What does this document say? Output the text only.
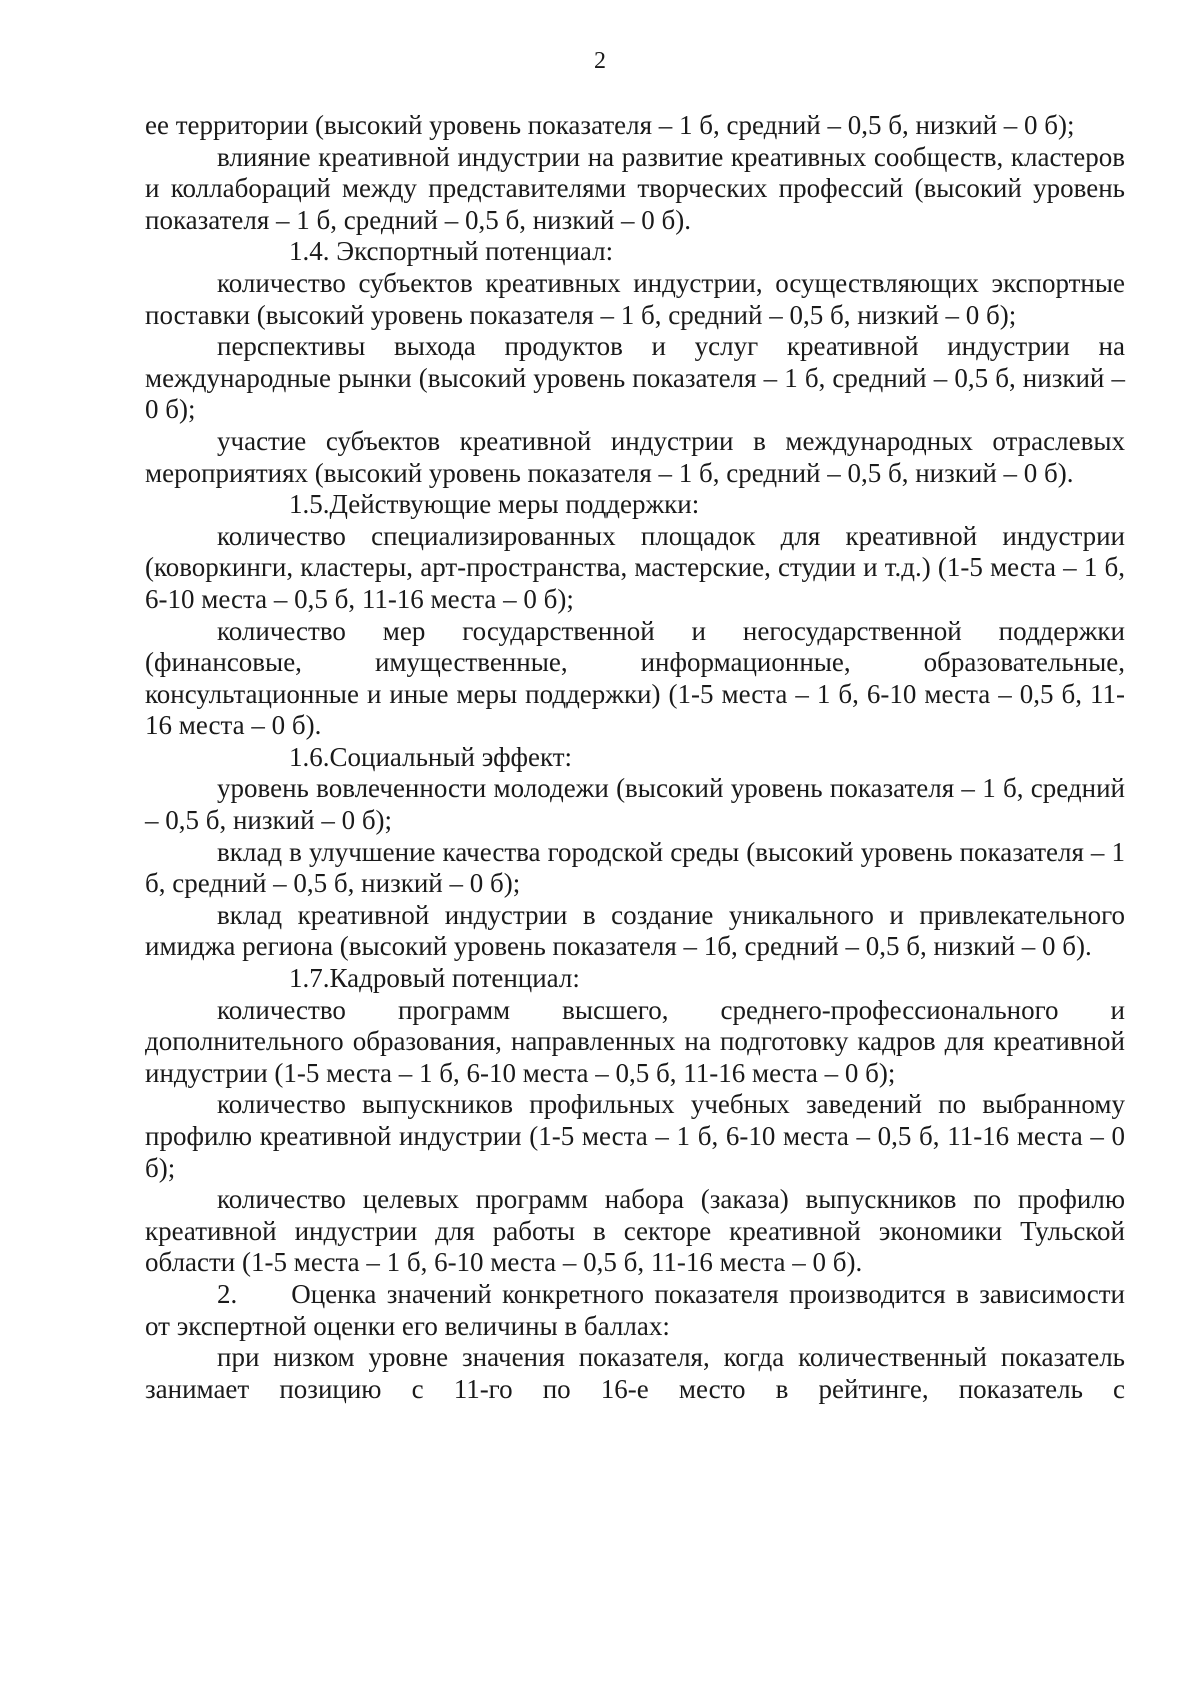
2

ее территории (высокий уровень показателя – 1 б, средний – 0,5 б, низкий – 0 б);

влияние креативной индустрии на развитие креативных сообществ, кластеров и коллабораций между представителями творческих профессий (высокий уровень показателя – 1 б, средний – 0,5 б, низкий – 0 б).

1.4. Экспортный потенциал:

количество субъектов креативных индустрии, осуществляющих экспортные поставки (высокий уровень показателя – 1 б, средний – 0,5 б, низкий – 0 б);

перспективы выхода продуктов и услуг креативной индустрии на международные рынки (высокий уровень показателя – 1 б, средний – 0,5 б, низкий – 0 б);

участие субъектов креативной индустрии в международных отраслевых мероприятиях (высокий уровень показателя – 1 б, средний – 0,5 б, низкий – 0 б).

1.5.Действующие меры поддержки:

количество специализированных площадок для креативной индустрии (коворкинги, кластеры, арт-пространства, мастерские, студии и т.д.) (1-5 места – 1 б, 6-10 места – 0,5 б, 11-16 места – 0 б);

количество мер государственной и негосударственной поддержки (финансовые, имущественные, информационные, образовательные, консультационные и иные меры поддержки) (1-5 места – 1 б, 6-10 места – 0,5 б, 11-16 места – 0 б).

1.6.Социальный эффект:

уровень вовлеченности молодежи (высокий уровень показателя – 1 б, средний – 0,5 б, низкий – 0 б);

вклад в улучшение качества городской среды (высокий уровень показателя – 1 б, средний – 0,5 б, низкий – 0 б);

вклад креативной индустрии в создание уникального и привлекательного имиджа региона (высокий уровень показателя – 1б, средний – 0,5 б, низкий – 0 б).

1.7.Кадровый потенциал:

количество программ высшего, среднего-профессионального и дополнительного образования, направленных на подготовку кадров для креативной индустрии (1-5 места – 1 б, 6-10 места – 0,5 б, 11-16 места – 0 б);

количество выпускников профильных учебных заведений по выбранному профилю креативной индустрии (1-5 места – 1 б, 6-10 места – 0,5 б, 11-16 места – 0 б);

количество целевых программ набора (заказа) выпускников по профилю креативной индустрии для работы в секторе креативной экономики Тульской области (1-5 места – 1 б, 6-10 места – 0,5 б, 11-16 места – 0 б).

2.  Оценка значений конкретного показателя производится в зависимости от экспертной оценки его величины в баллах:

при низком уровне значения показателя, когда количественный показатель занимает позицию с 11-го по 16-е место в рейтинге, показатель с
